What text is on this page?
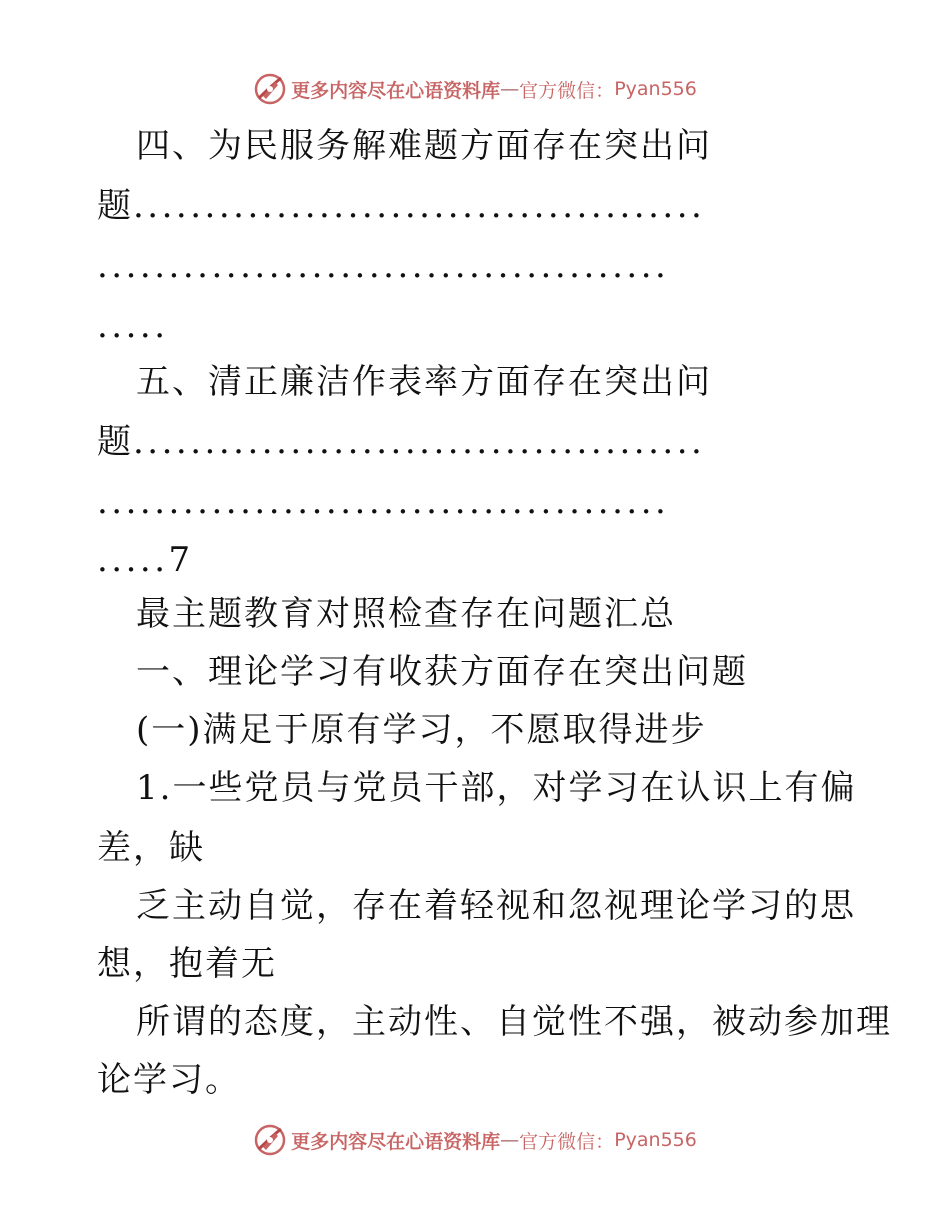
更多内容尽在心语资料库 — 官方微信： Pyan556
四、为民服务解难题方面存在突出问
题........................................
........................................
.....
五、清正廉洁作表率方面存在突出问
题........................................
........................................
.....7
最主题教育对照检查存在问题汇总
一、理论学习有收获方面存在突出问题
(一)满足于原有学习，不愿取得进步
1.一些党员与党员干部，对学习在认识上有偏
差，缺
乏主动自觉，存在着轻视和忽视理论学习的思
想，抱着无
所谓的态度，主动性、自觉性不强，被动参加理
论学习。
更多内容尽在心语资料库 — 官方微信： Pyan556
